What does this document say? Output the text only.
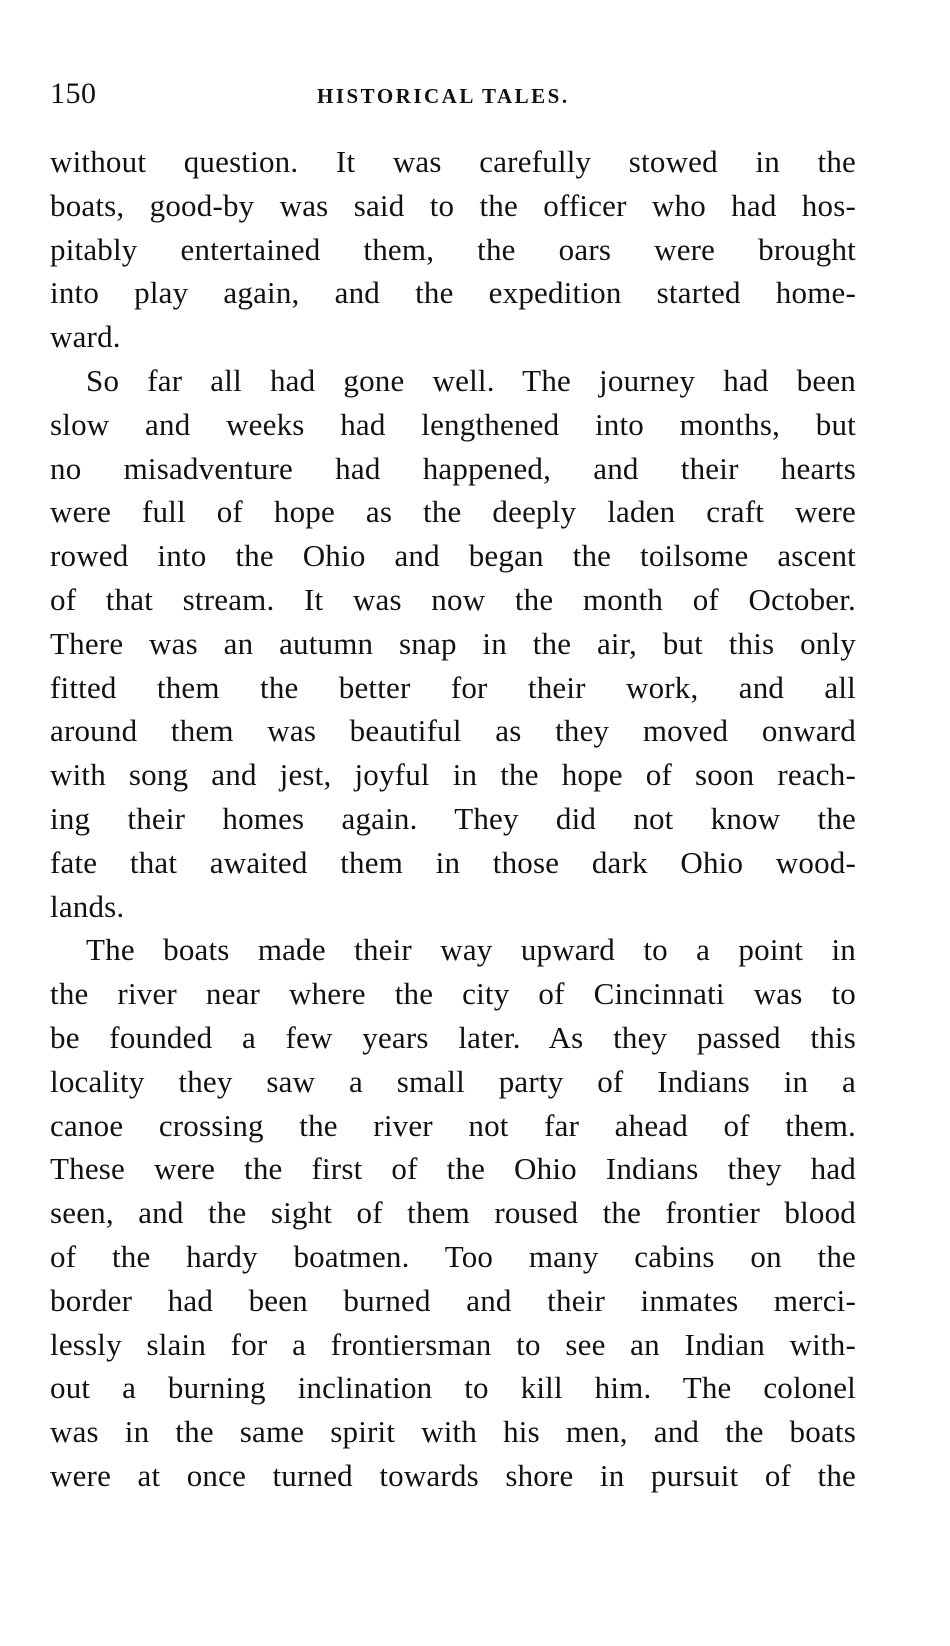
150	HISTORICAL TALES.
without question. It was carefully stowed in the
boats, good-by was said to the officer who had hos-
pitably entertained them, the oars were brought
into play again, and the expedition started home-
ward.
So far all had gone well. The journey had been
slow and weeks had lengthened into months, but
no misadventure had happened, and their hearts
were full of hope as the deeply laden craft were
rowed into the Ohio and began the toilsome ascent
of that stream. It was now the month of October.
There was an autumn snap in the air, but this only
fitted them the better for their work, and all
around them was beautiful as they moved onward
with song and jest, joyful in the hope of soon reach-
ing their homes again. They did not know the
fate that awaited them in those dark Ohio wood-
lands.
The boats made their way upward to a point in
the river near where the city of Cincinnati was to
be founded a few years later. As they passed this
locality they saw a small party of Indians in a
canoe crossing the river not far ahead of them.
These were the first of the Ohio Indians they had
seen, and the sight of them roused the frontier blood
of the hardy boatmen. Too many cabins on the
border had been burned and their inmates merci-
lessly slain for a frontiersman to see an Indian with-
out a burning inclination to kill him. The colonel
was in the same spirit with his men, and the boats
were at once turned towards shore in pursuit of the
